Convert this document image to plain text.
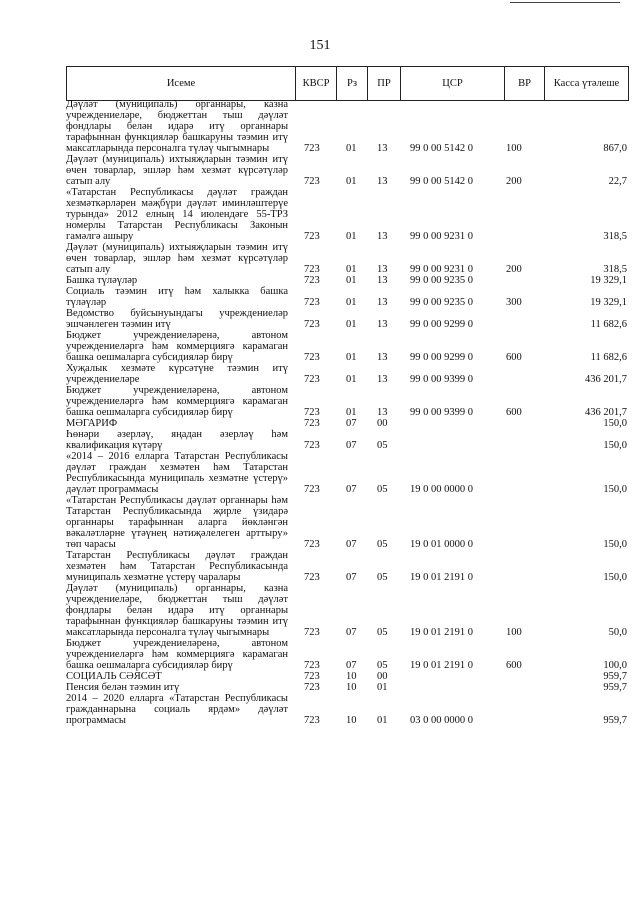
151
Исеме	КВСР	Рз	ПР	ЦСР	ВР	Касса үтәлеше
Дәүләт (муниципаль) органнары, казна учреждениеләре, бюджеттан тыш дәүләт фондлары белән идарә итү органнары тарафыннан функцияләр башкаруны тәэмин итү максатларында персоналга түләү чыгымнары	723	01 13 99 0 00 5142 0	100	867,0
Дәүләт (муниципаль) ихтыяҗларын тәэмин итү өчен товарлар, эшләр һәм хезмәт күрсәтүләр сатып алу	723	01 13 99 0 00 5142 0	200	22,7
«Татарстан Республикасы дәүләт граждан хезмәткәрләрен мәҗбүри дәүләт иминләштерүе турында» 2012 елның 14 июлендәге 55-ТРЗ номерлы Татарстан Республикасы Законын гамәлгә ашыру	723	01 13 99 0 00 9231 0	318,5
Дәүләт (муниципаль) ихтыяҗларын тәэмин итү өчен товарлар, эшләр һәм хезмәт күрсәтүләр сатып алу	723	01 13 99 0 00 9231 0	200	318,5
Башка түләүләр	723	01 13 99 0 00 9235 0	19 329,1
Социаль тәэмин итү һәм халыкка башка түләүләр	723	01 13 99 0 00 9235 0	300	19 329,1
Ведомство буйсынуындагы учреждениеләр эшчәнлеген тәэмин итү	723	01 13 99 0 00 9299 0	11 682,6
Бюджет учреждениеләренә, автоном учреждениеләргә һәм коммерциягә карамаган башка оешмаларга субсидияләр бирү	723	01 13 99 0 00 9299 0	600	11 682,6
Хуҗалык хезмәте күрсәтүне тәэмин итү учреждениеләре	723	01 13 99 0 00 9399 0	436 201,7
Бюджет учреждениеләренә, автоном учреждениеләргә һәм коммерциягә карамаган башка оешмаларга субсидияләр бирү	723	01 13 99 0 00 9399 0	600	436 201,7
МӘГАРИФ	723	07 00	150,0
Һөнәри әзерләү, яңадан әзерләү һәм квалификация күтәрү	723	07 05	150,0
«2014 – 2016 елларга Татарстан Республикасы дәүләт граждан хезмәтен һәм Татарстан Республикасында муниципаль хезмәтне үстерү» дәүләт программасы	723	07 05 19 0 00 0000 0	150,0
«Татарстан Республикасы дәүләт органнары һәм Татарстан Республикасында җирле үзидарә органнары тарафыннан аларга йөкләнгән вәкаләтләрне үтәүнең нәтиҗәлелеген арттыру» төп чарасы	723	07 05 19 0 01 0000 0	150,0
Татарстан Республикасы дәүләт граждан хезмәтен һәм Татарстан Республикасында муниципаль хезмәтне үстерү чаралары	723	07 05 19 0 01 2191 0	150,0
Дәүләт (муниципаль) органнары, казна учреждениеләре, бюджеттан тыш дәүләт фондлары белән идарә итү органнары тарафыннан функцияләр башкаруны тәэмин итү максатларында персоналга түләү чыгымнары	723	07 05 19 0 01 2191 0	100	50,0
Бюджет учреждениеләренә, автоном учреждениеләргә һәм коммерциягә карамаган башка оешмаларга субсидияләр бирү	723	07 05 19 0 01 2191 0	600	100,0
СОЦИАЛЬ СӘЯСӘТ	723	10 00	959,7
Пенсия белән тәэмин итү	723	10 01	959,7
2014 – 2020 елларга «Татарстан Республикасы гражданнарына социаль ярдәм» дәүләт программасы	723	10 01 03 0 00 0000 0	959,7
